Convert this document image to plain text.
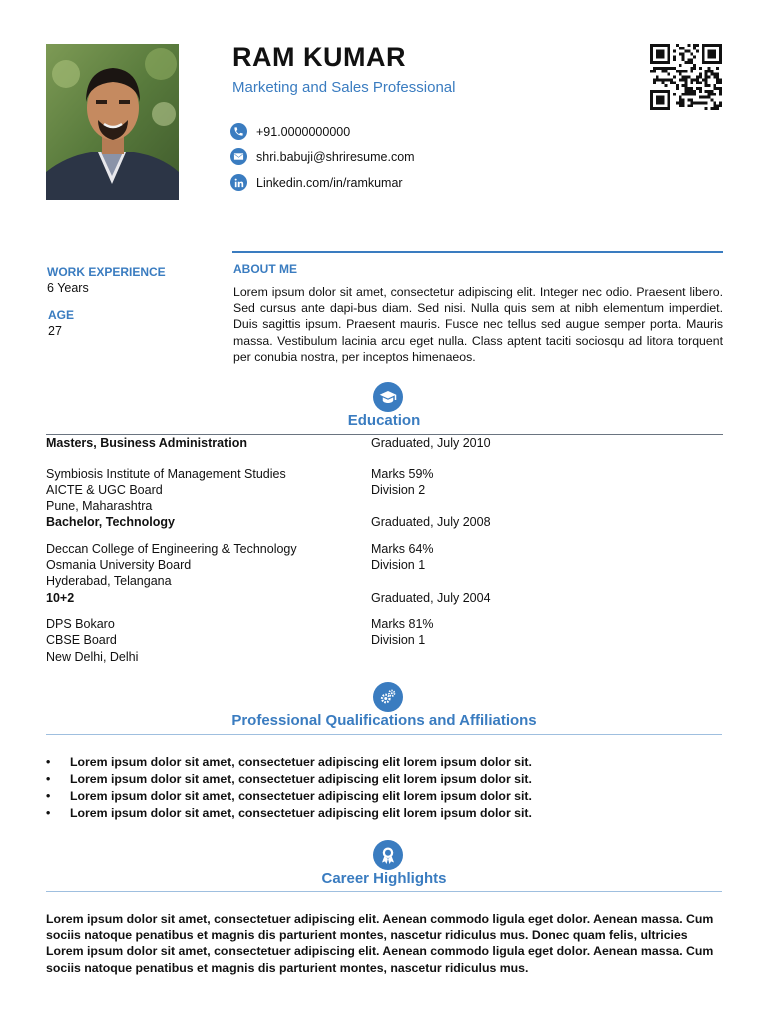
RAM KUMAR
Marketing and Sales Professional
+91.0000000000
shri.babuji@shriresume.com
Linkedin.com/in/ramkumar
WORK EXPERIENCE
6 Years
AGE
27
ABOUT ME
Lorem ipsum dolor sit amet, consectetur adipiscing elit. Integer nec odio. Praesent libero. Sed cursus ante dapi-bus diam. Sed nisi. Nulla quis sem at nibh elementum imperdiet. Duis sagittis ipsum. Praesent mauris. Fusce nec tellus sed augue semper porta. Mauris massa. Vestibulum lacinia arcu eget nulla. Class aptent taciti sociosqu ad litora torquent per conubia nostra, per inceptos himenaeos.
Education
Masters, Business Administration	Graduated, July 2010
Symbiosis Institute of Management Studies	Marks 59%
AICTE & UGC Board	Division 2
Pune, Maharashtra
Bachelor, Technology	Graduated, July 2008
Deccan College of Engineering & Technology	Marks 64%
Osmania University Board	Division 1
Hyderabad, Telangana
10+2	Graduated, July 2004
DPS Bokaro	Marks 81%
CBSE Board	Division 1
New Delhi, Delhi
Professional Qualifications and Affiliations
•	Lorem ipsum dolor sit amet, consectetuer adipiscing elit lorem ipsum dolor sit.
•	Lorem ipsum dolor sit amet, consectetuer adipiscing elit lorem ipsum dolor sit.
•	Lorem ipsum dolor sit amet, consectetuer adipiscing elit lorem ipsum dolor sit.
•	Lorem ipsum dolor sit amet, consectetuer adipiscing elit lorem ipsum dolor sit.
Career Highlights
Lorem ipsum dolor sit amet, consectetuer adipiscing elit. Aenean commodo ligula eget dolor. Aenean massa. Cum sociis natoque penatibus et magnis dis parturient montes, nascetur ridiculus mus. Donec quam felis, ultricies Lorem ipsum dolor sit amet, consectetuer adipiscing elit. Aenean commodo ligula eget dolor. Aenean massa. Cum sociis natoque penatibus et magnis dis parturient montes, nascetur ridiculus mus.
